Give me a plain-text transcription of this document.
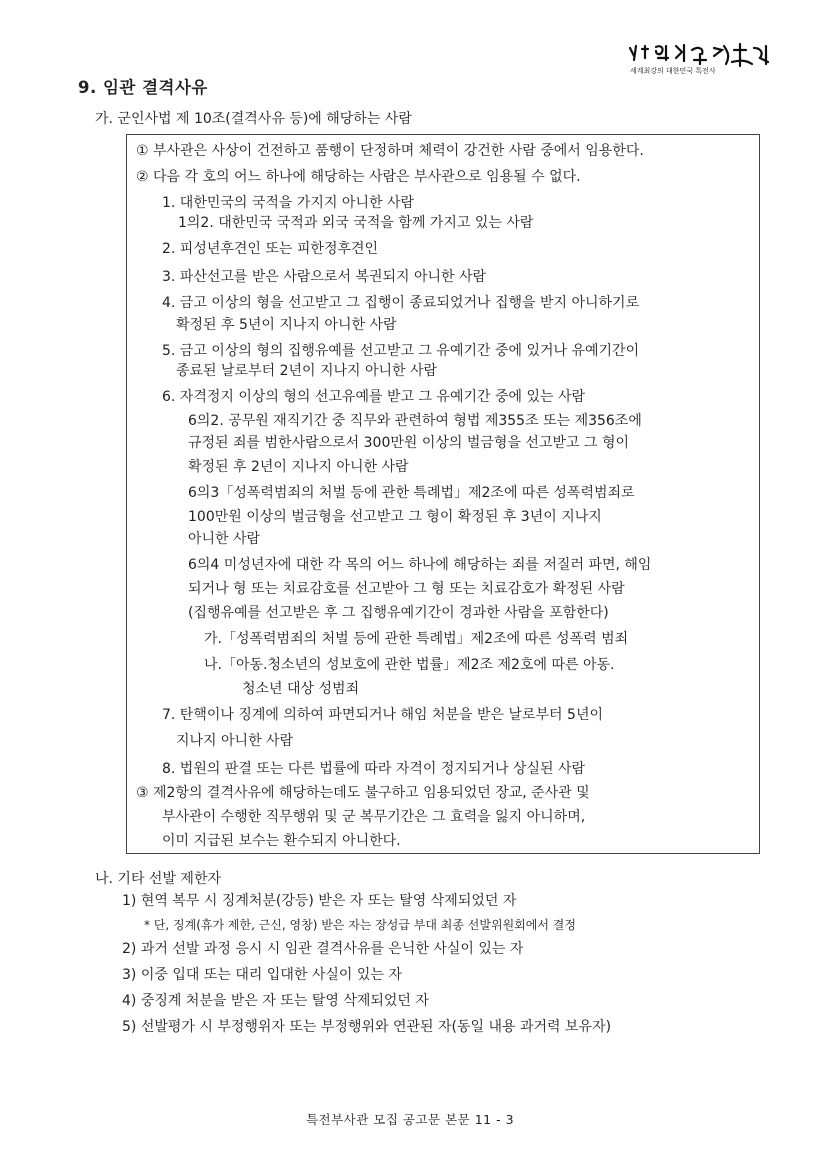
세계최강의 대한민국 특전사
9. 임관 결격사유
가. 군인사법 제 10조(결격사유 등)에 해당하는 사람
① 부사관은 사상이 건전하고 품행이 단정하며 체력이 강건한 사람 중에서 임용한다.
② 다음 각 호의 어느 하나에 해당하는 사람은 부사관으로 임용될 수 없다.
1. 대한민국의 국적을 가지지 아니한 사람
1의2. 대한민국 국적과 외국 국적을 함께 가지고 있는 사람
2. 피성년후견인 또는 피한정후견인
3. 파산선고를 받은 사람으로서 복권되지 아니한 사람
4. 금고 이상의 형을 선고받고 그 집행이 종료되었거나 집행을 받지 아니하기로
확정된 후 5년이 지나지 아니한 사람
5. 금고 이상의 형의 집행유예를 선고받고 그 유예기간 중에 있거나 유예기간이
종료된 날로부터 2년이 지나지 아니한 사람
6. 자격정지 이상의 형의 선고유예를 받고 그 유예기간 중에 있는 사람
6의2. 공무원 재직기간 중 직무와 관련하여 형법 제355조 또는 제356조에
규정된 죄를 범한사람으로서 300만원 이상의 벌금형을 선고받고 그 형이
확정된 후 2년이 지나지 아니한 사람
6의3「성폭력범죄의 처벌 등에 관한 특례법」제2조에 따른 성폭력범죄로
100만원 이상의 벌금형을 선고받고 그 형이 확정된 후 3년이 지나지
아니한 사람
6의4 미성년자에 대한 각 목의 어느 하나에 해당하는 죄를 저질러 파면, 해임
되거나 형 또는 치료감호를 선고받아 그 형 또는 치료감호가 확정된 사람
(집행유예를 선고받은 후 그 집행유예기간이 경과한 사람을 포함한다)
가.「성폭력범죄의 처벌 등에 관한 특례법」제2조에 따른 성폭력 범죄
나.「아동.청소년의 성보호에 관한 법률」제2조 제2호에 따른 아동.
청소년 대상 성범죄
7. 탄핵이나 징계에 의하여 파면되거나 해임 처분을 받은 날로부터 5년이
지나지 아니한 사람
8. 법원의 판결 또는 다른 법률에 따라 자격이 정지되거나 상실된 사람
③ 제2항의 결격사유에 해당하는데도 불구하고 임용되었던 장교, 준사관 및
부사관이 수행한 직무행위 및 군 복무기간은 그 효력을 잃지 아니하며,
이미 지급된 보수는 환수되지 아니한다.
나. 기타 선발 제한자
1) 현역 복무 시 징계처분(강등) 받은 자 또는 탈영 삭제되었던 자
* 단, 징계(휴가 제한, 근신, 영창) 받은 자는 장성급 부대 최종 선발위원회에서 결정
2) 과거 선발 과정 응시 시 임관 결격사유를 은닉한 사실이 있는 자
3) 이중 입대 또는 대리 입대한 사실이 있는 자
4) 중징계 처분을 받은 자 또는 탈영 삭제되었던 자
5) 선발평가 시 부정행위자 또는 부정행위와 연관된 자(동일 내용 과거력 보유자)
특전부사관 모집 공고문 본문 11 - 3
